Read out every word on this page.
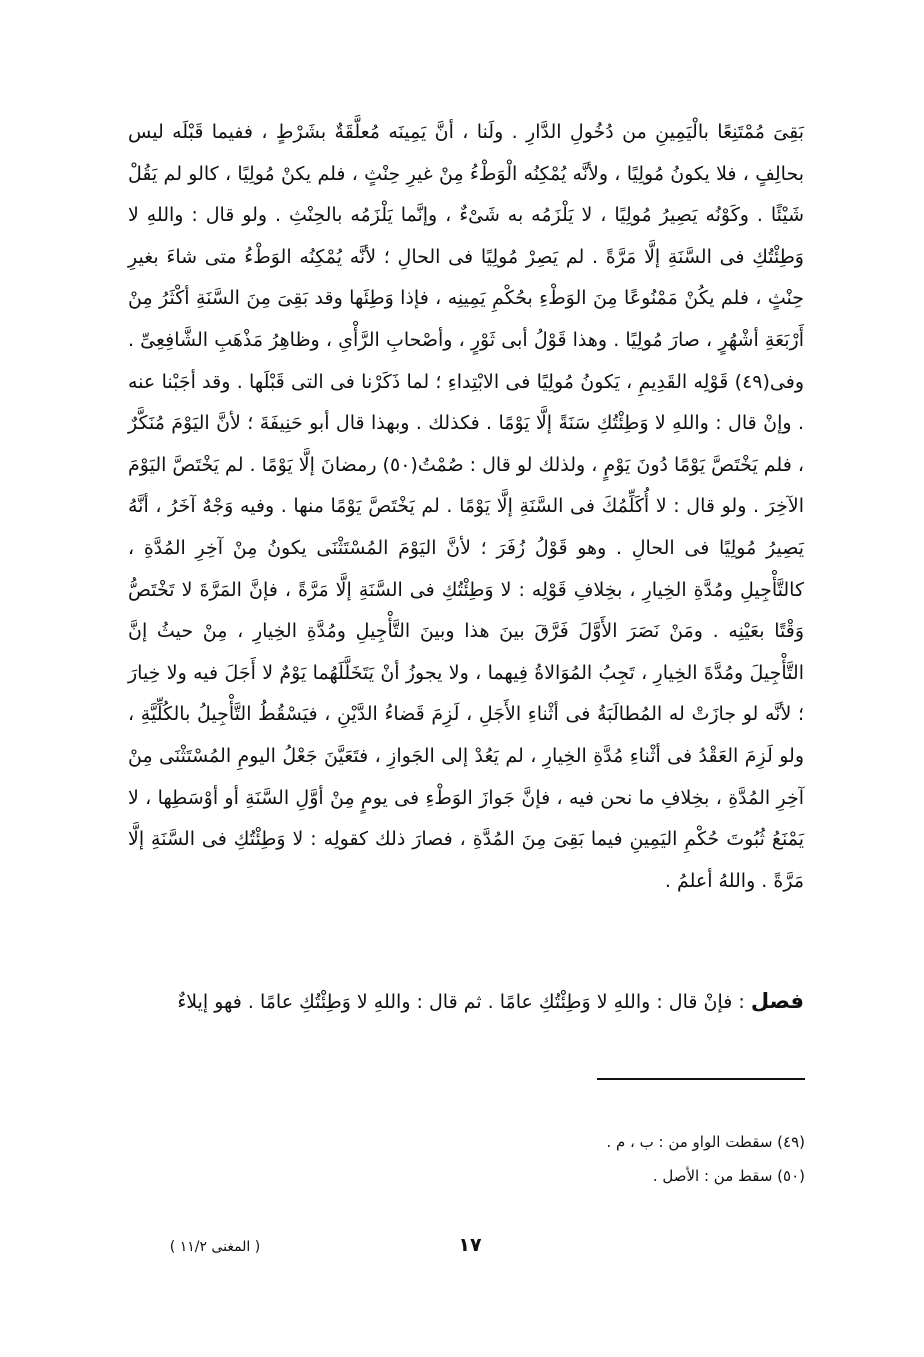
بَقِىَ مُمْتَنِعًا بالْيَمِينِ من دُخُولِ الدَّارِ . ولَنا ، أنَّ يَمِينَه مُعلَّقَةٌ بشَرْطٍ ، ففيما قَبْلَه ليس بحالِفٍ ، فلا يكونُ مُولِيًا ، ولأنَّه يُمْكِنُه الْوَطْءُ مِنْ غيرِ حِنْثٍ ، فلم يكنْ مُولِيًا ، كالو لم يَقُلْ شَيْئًا . وكَوْنُه يَصِيرُ مُولِيًا ، لا يَلْزَمُه به شَىْءٌ ، وإنَّما يَلْزَمُه بالحِنْثِ . ولو قال : واللهِ لا وَطِئْتُكِ فى السَّنَةِ إلَّا مَرَّةً . لم يَصِرْ مُولِيًا فى الحالِ ؛ لأنَّه يُمْكِنُه الوَطْءُ متى شاءَ بغيرِ حِنْثٍ ، فلم يكُنْ مَمْنُوعًا مِنَ الوَطْءِ بحُكْمِ يَمِينِه ، فإذا وَطِئَها وقد بَقِىَ مِنَ السَّنَةِ أكْثَرُ مِنْ أَرْبَعَةِ أشْهُرٍ ، صارَ مُولِيًا . وهذا قَوْلُ أبى ثَوْرٍ ، وأصْحابِ الرَّأْىِ ، وظاهِرُ مَذْهَبِ الشَّافِعِىِّ . وفى(٤٩) قَوْلِه القَدِيمِ ، يَكونُ مُولِيًا فى الابْتِداءِ ؛ لما ذَكَرْنا فى التى قَبْلَها . وقد أجَبْنا عنه . وإنْ قال : واللهِ لا وَطِئْتُكِ سَنَةً إلَّا يَوْمًا . فكذلك . وبهذا قال أبو حَنِيفَةَ ؛ لأنَّ اليَوْمَ مُنَكَّرٌ ، فلم يَخْتَصَّ يَوْمًا دُونَ يَوْمٍ ، ولذلك لو قال : صُمْتُ(٥٠) رمضانَ إلَّا يَوْمًا . لم يَخْتَصَّ اليَوْمَ الآخِرَ . ولو قال : لا أُكَلِّمُكَ فى السَّنَةِ إلَّا يَوْمًا . لم يَخْتَصَّ يَوْمًا منها . وفيه وَجْهٌ آخَرُ ، أنَّهُ يَصِيرُ مُولِيًا فى الحالِ . وهو قَوْلُ زُفَرَ ؛ لأنَّ اليَوْمَ المُسْتَثْنَى يكونُ مِنْ آخِرِ المُدَّةِ ، كالتَّأْجِيلِ ومُدَّةِ الخِيارِ ، بخِلافِ قَوْلِه : لا وَطِئْتُكِ فى السَّنَةِ إلَّا مَرَّةً ، فإنَّ المَرَّةَ لا تَخْتَصُّ وَقْتًا بعَيْنِه . ومَنْ نَصَرَ الأَوَّلَ فَرَّقَ بينَ هذا وبينَ التَّأْجِيلِ ومُدَّةِ الخِيارِ ، مِنْ حيثُ إنَّ التَّأْجِيلَ ومُدَّةَ الخِيارِ ، تَجِبُ المُوَالاةُ فِيهما ، ولا يجوزُ أنْ يَتَخَلَّلَهُما يَوْمٌ لا أَجَلَ فيه ولا خِيارَ ؛ لأنَّه لو جازَتْ له المُطالَبَةُ فى أثْناءِ الأَجَلِ ، لَزِمَ قَضاءُ الدَّيْنِ ، فيَسْقُطُ التَّأْجِيلُ بالكُلِّيَّةِ ، ولو لَزِمَ العَقْدُ فى أثْناءِ مُدَّةِ الخِيارِ ، لم يَعُدْ إلى الجَوازِ ، فتَعَيَّنَ جَعْلُ اليومِ المُسْتَثْنَى مِنْ آخِرِ المُدَّةِ ، بخِلافِ ما نحن فيه ، فإنَّ جَوازَ الوَطْءِ فى يومٍ مِنْ أوَّلِ السَّنَةِ أو أوْسَطِها ، لا يَمْنَعُ ثُبُوتَ حُكْمِ اليَمِينِ فيما بَقِىَ مِنَ المُدَّةِ ، فصارَ ذلك كقولِه : لا وَطِئْتُكِ فى السَّنَةِ إلَّا مَرَّةً . واللهُ أعلمُ .

فصل : فإنْ قال : واللهِ لا وَطِئْتُكِ عامًا . ثم قال : واللهِ لا وَطِئْتُكِ عامًا . فهو إيلاءٌ

(٤٩) سقطت الواو من : ب ، م .

(٥٠) سقط من : الأصل .

١٧
( المغنى ١١/٢ )
